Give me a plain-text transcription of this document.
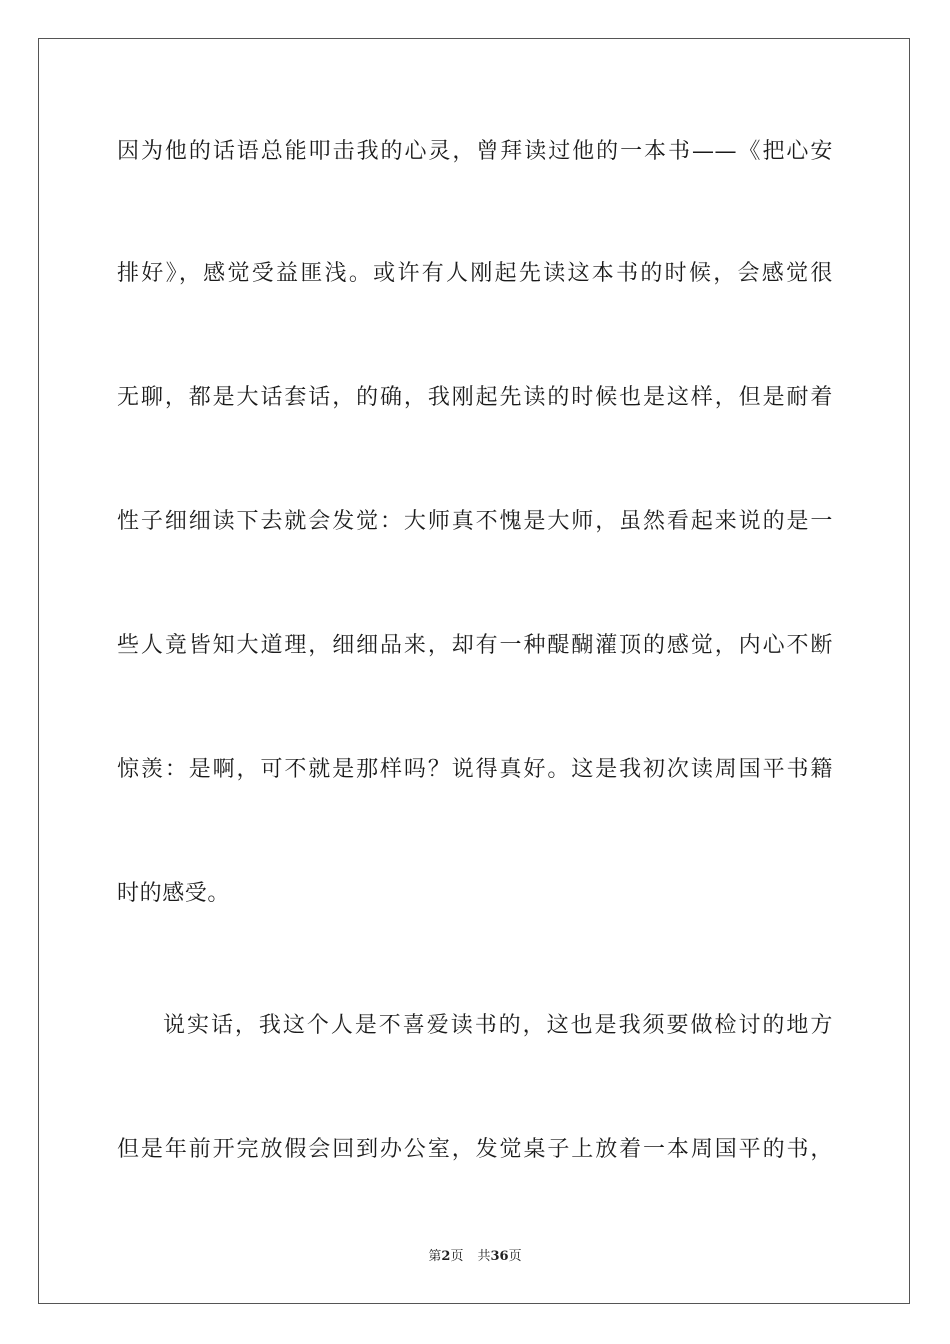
因为他的话语总能叩击我的心灵，曾拜读过他的一本书——《把心安
排好》，感觉受益匪浅。或许有人刚起先读这本书的时候，会感觉很
无聊，都是大话套话，的确，我刚起先读的时候也是这样，但是耐着
性子细细读下去就会发觉：大师真不愧是大师，虽然看起来说的是一
些人竟皆知大道理，细细品来，却有一种醍醐灌顶的感觉，内心不断
惊羡：是啊，可不就是那样吗？说得真好。这是我初次读周国平书籍
时的感受。
说实话，我这个人是不喜爱读书的，这也是我须要做检讨的地方
但是年前开完放假会回到办公室，发觉桌子上放着一本周国平的书，
第2页 共36页
